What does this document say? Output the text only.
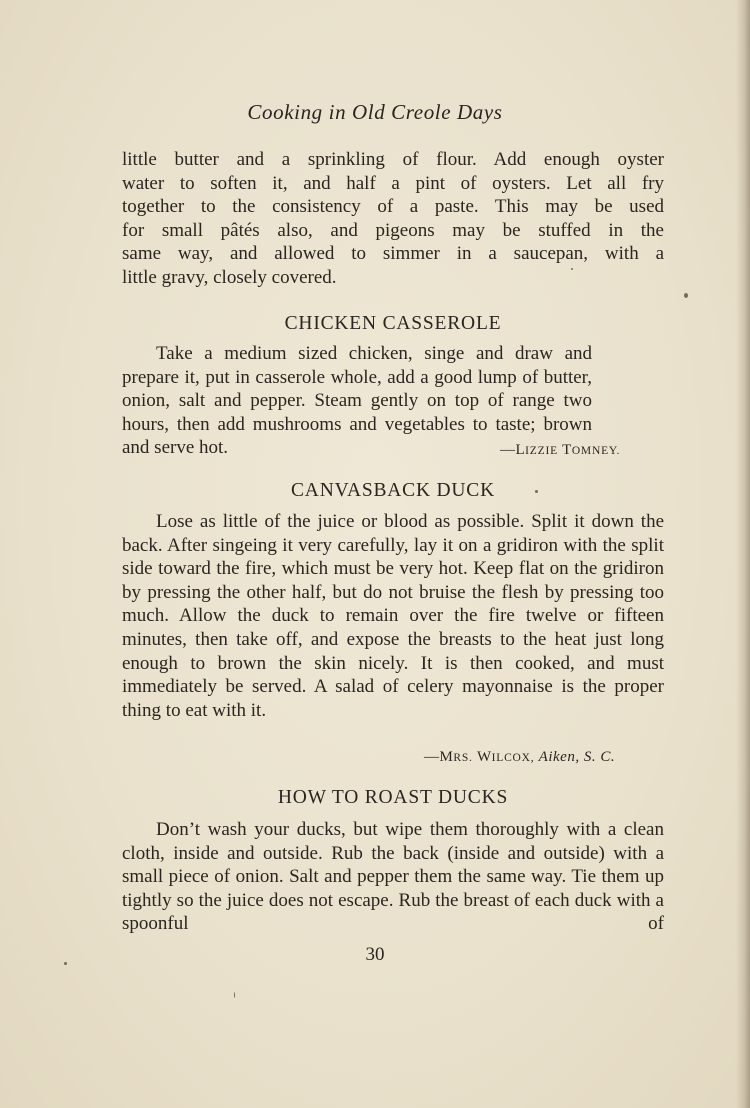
Cooking in Old Creole Days

little butter and a sprinkling of flour. Add enough oyster

water to soften it, and half a pint of oysters. Let all fry

together to the consistency of a paste. This may be used

for small pâtés also, and pigeons may be stuffed in the

same way, and allowed to simmer in a saucepan, with a

little gravy, closely covered.

CHICKEN CASSEROLE

Take a medium sized chicken, singe and draw and prepare it, put in casserole whole, add a good lump of butter, onion, salt and pepper. Steam gently on top of range two hours, then add mushrooms and vegetables to taste; brown and serve hot.	—LIZZIE TOMNEY.
CANVASBACK DUCK

Lose as little of the juice or blood as possible. Split it down the back. After singeing it very carefully, lay it on a gridiron with the split side toward the fire, which must be very hot. Keep flat on the gridiron by pressing the other half, but do not bruise the flesh by pressing too much. Allow the duck to remain over the fire twelve or fifteen minutes, then take off, and expose the breasts to the heat just long enough to brown the skin nicely. It is then cooked, and must immediately be served. A salad of celery mayonnaise is the proper thing to eat with it.

—MRS. WILCOX, Aiken, S. C.
HOW TO ROAST DUCKS

Don’t wash your ducks, but wipe them thoroughly with a clean cloth, inside and outside. Rub the back (inside and outside) with a small piece of onion. Salt and pepper them the same way. Tie them up tightly so the juice does not escape. Rub the breast of each duck with a spoonful of

30
